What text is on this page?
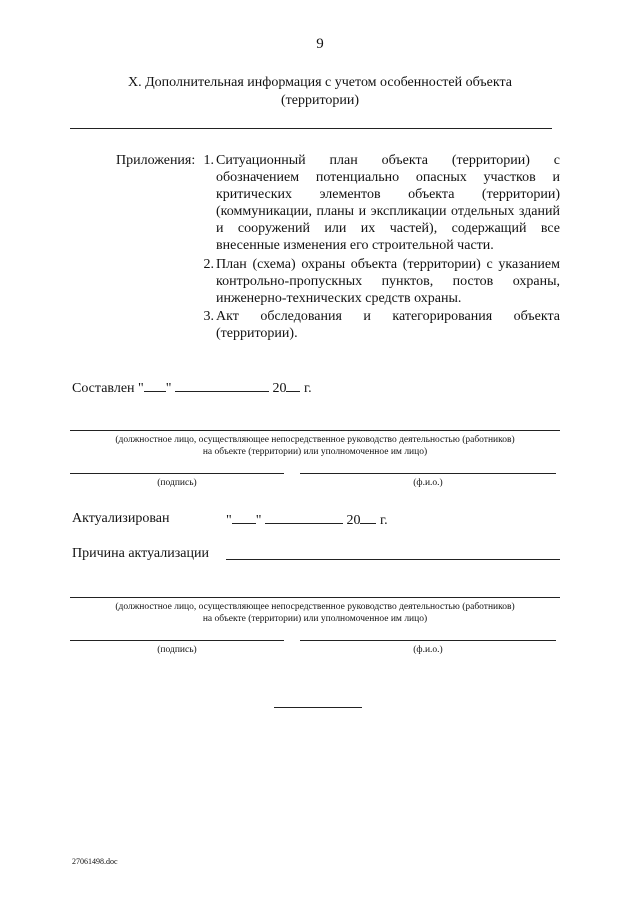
9
X. Дополнительная информация с учетом особенностей объекта
(территории)
Приложения: 1. Ситуационный план объекта (территории) с обозначением потенциально опасных участков и критических элементов объекта (территории) (коммуникации, планы и экспликации отдельных зданий и сооружений или их частей), содержащий все внесенные изменения его строительной части.
2. План (схема) охраны объекта (территории) с указанием контрольно-пропускных пунктов, постов охраны, инженерно-технических средств охраны.
3. Акт обследования и категорирования объекта (территории).
Составлен " "	20 г.
(должностное лицо, осуществляющее непосредственное руководство деятельностью (работников)
на объекте (территории) или уполномоченное им лицо)
(подпись)	(ф.и.о.)
Актуализирован	" "	20 г.
Причина актуализации
(должностное лицо, осуществляющее непосредственное руководство деятельностью (работников)
на объекте (территории) или уполномоченное им лицо)
(подпись)	(ф.и.о.)
27061498.doc
